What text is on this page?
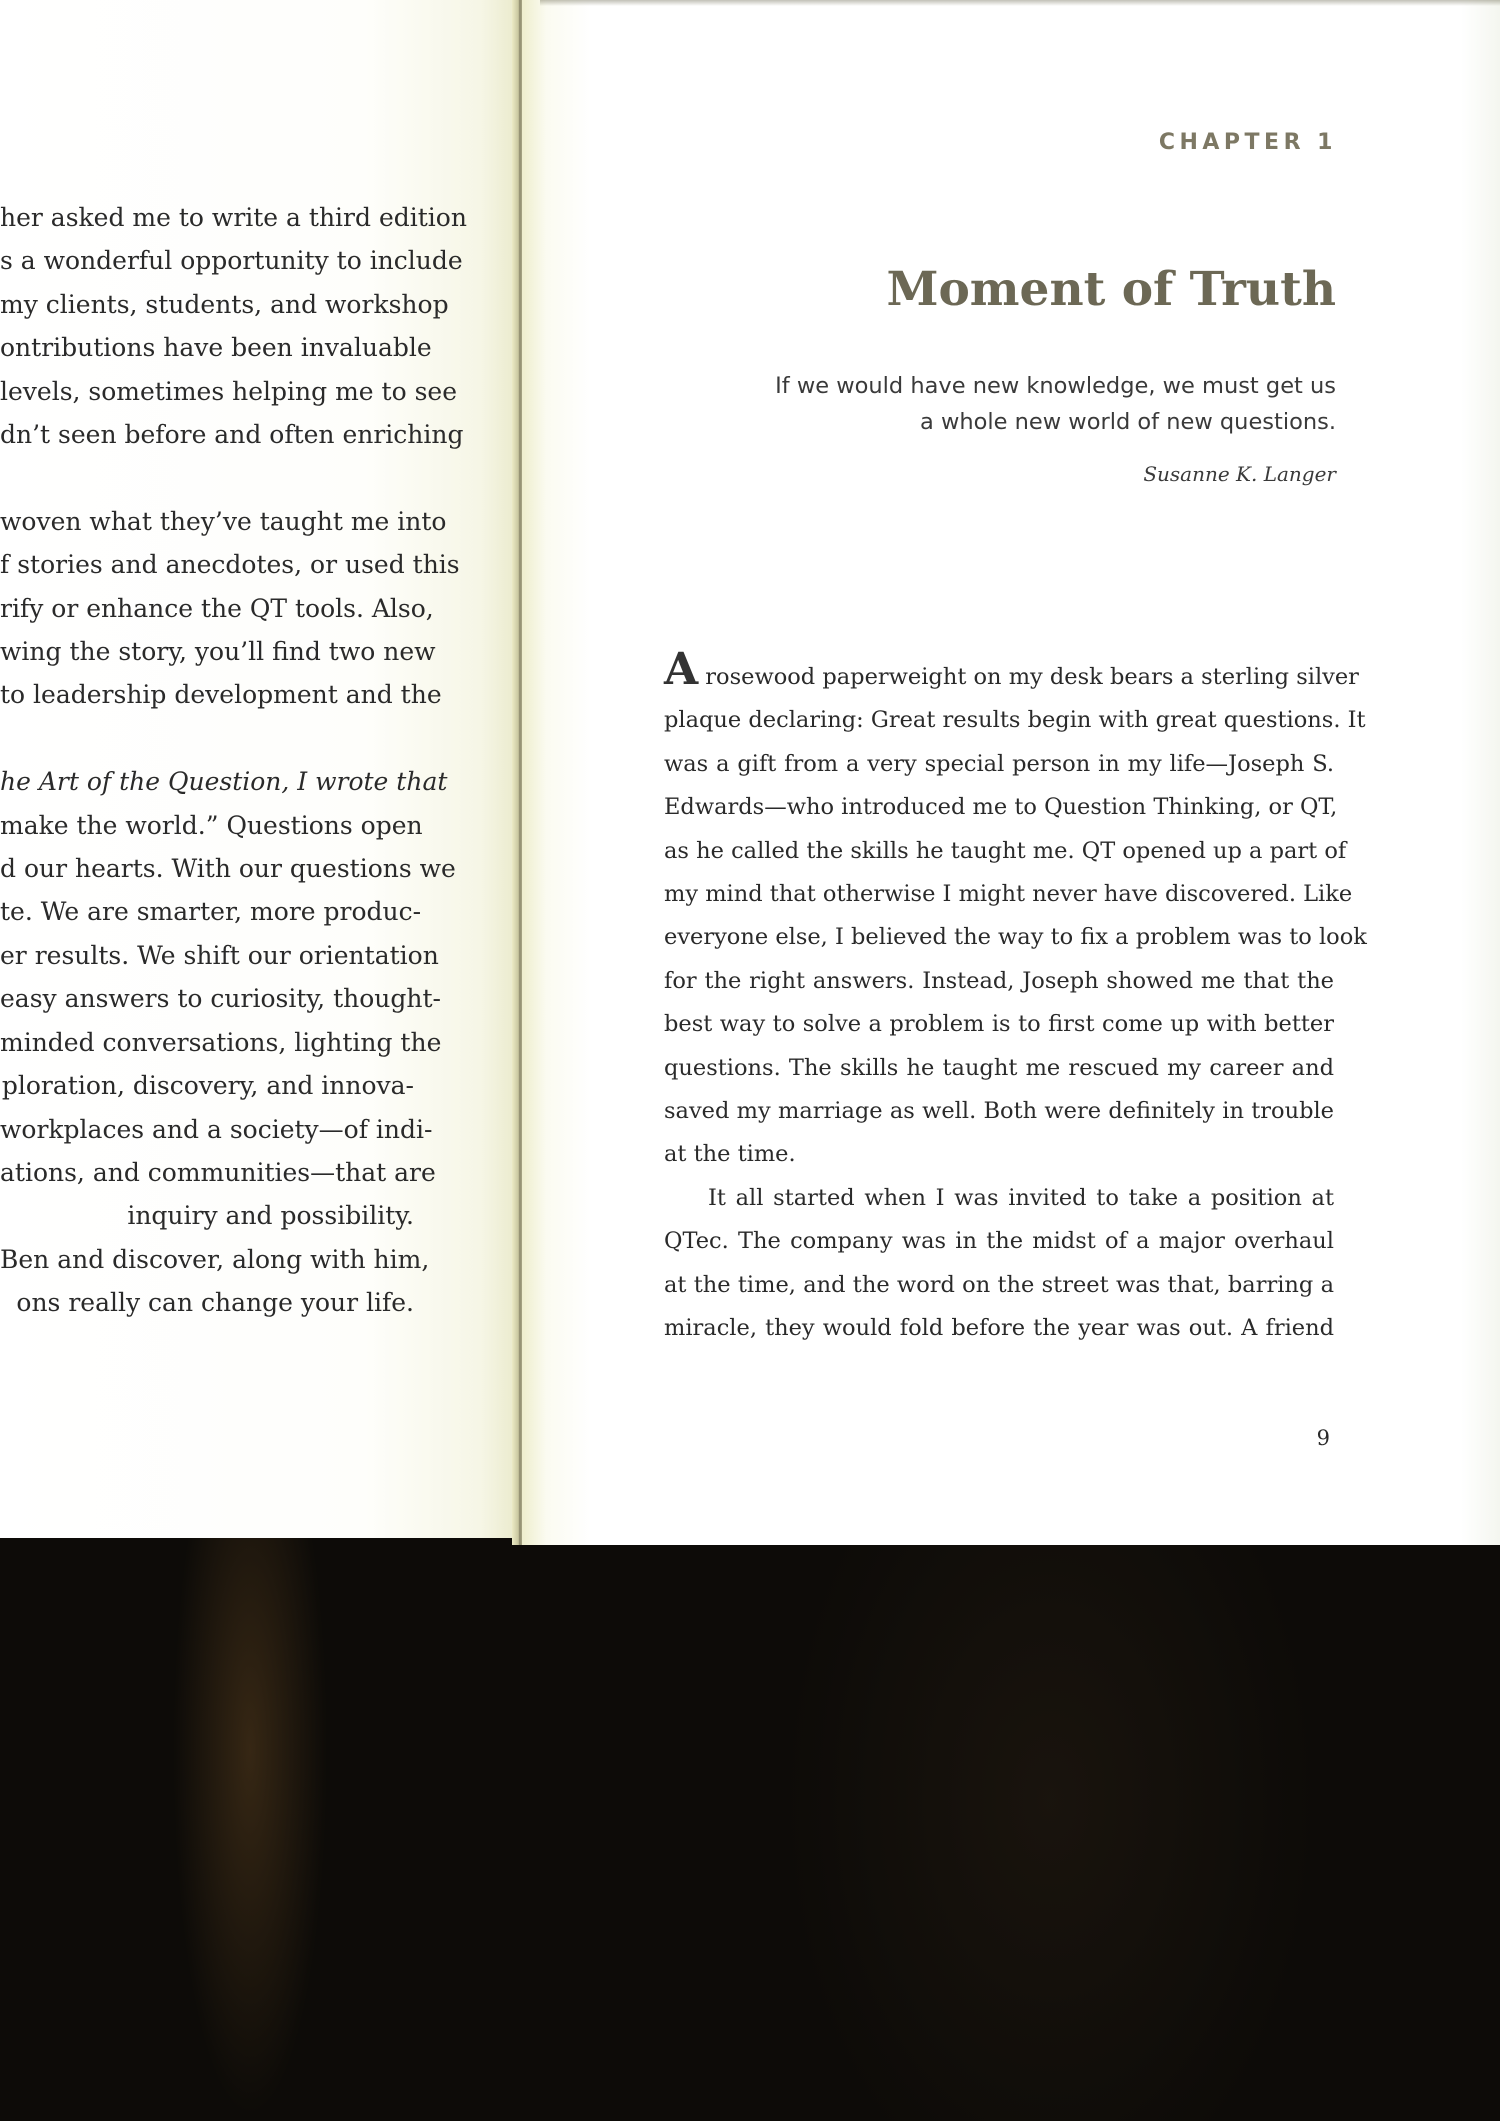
her asked me to write a third edition
s a wonderful opportunity to include
my clients, students, and workshop
ontributions have been invaluable
levels, sometimes helping me to see
dn’t seen before and often enriching
woven what they’ve taught me into
f stories and anecdotes, or used this
rify or enhance the QT tools. Also,
wing the story, you’ll find two new
to leadership development and the
he Art of the Question, I wrote that
make the world.” Questions open
d our hearts. With our questions we
te. We are smarter, more produc-
er results. We shift our orientation
easy answers to curiosity, thought-
minded conversations, lighting the
ploration, discovery, and innova-
workplaces and a society—of indi-
ations, and communities—that are
inquiry and possibility.
Ben and discover, along with him,
ons really can change your life.
CHAPTER 1
Moment of Truth
If we would have new knowledge, we must get us
a whole new world of new questions.
Susanne K. Langer
A rosewood paperweight on my desk bears a sterling silver
plaque declaring: Great results begin with great questions. It
was a gift from a very special person in my life—Joseph S.
Edwards—who introduced me to Question Thinking, or QT,
as he called the skills he taught me. QT opened up a part of
my mind that otherwise I might never have discovered. Like
everyone else, I believed the way to fix a problem was to look
for the right answers. Instead, Joseph showed me that the
best way to solve a problem is to first come up with better
questions. The skills he taught me rescued my career and
saved my marriage as well. Both were definitely in trouble
at the time.
It all started when I was invited to take a position at
QTec. The company was in the midst of a major overhaul
at the time, and the word on the street was that, barring a
miracle, they would fold before the year was out. A friend
9
